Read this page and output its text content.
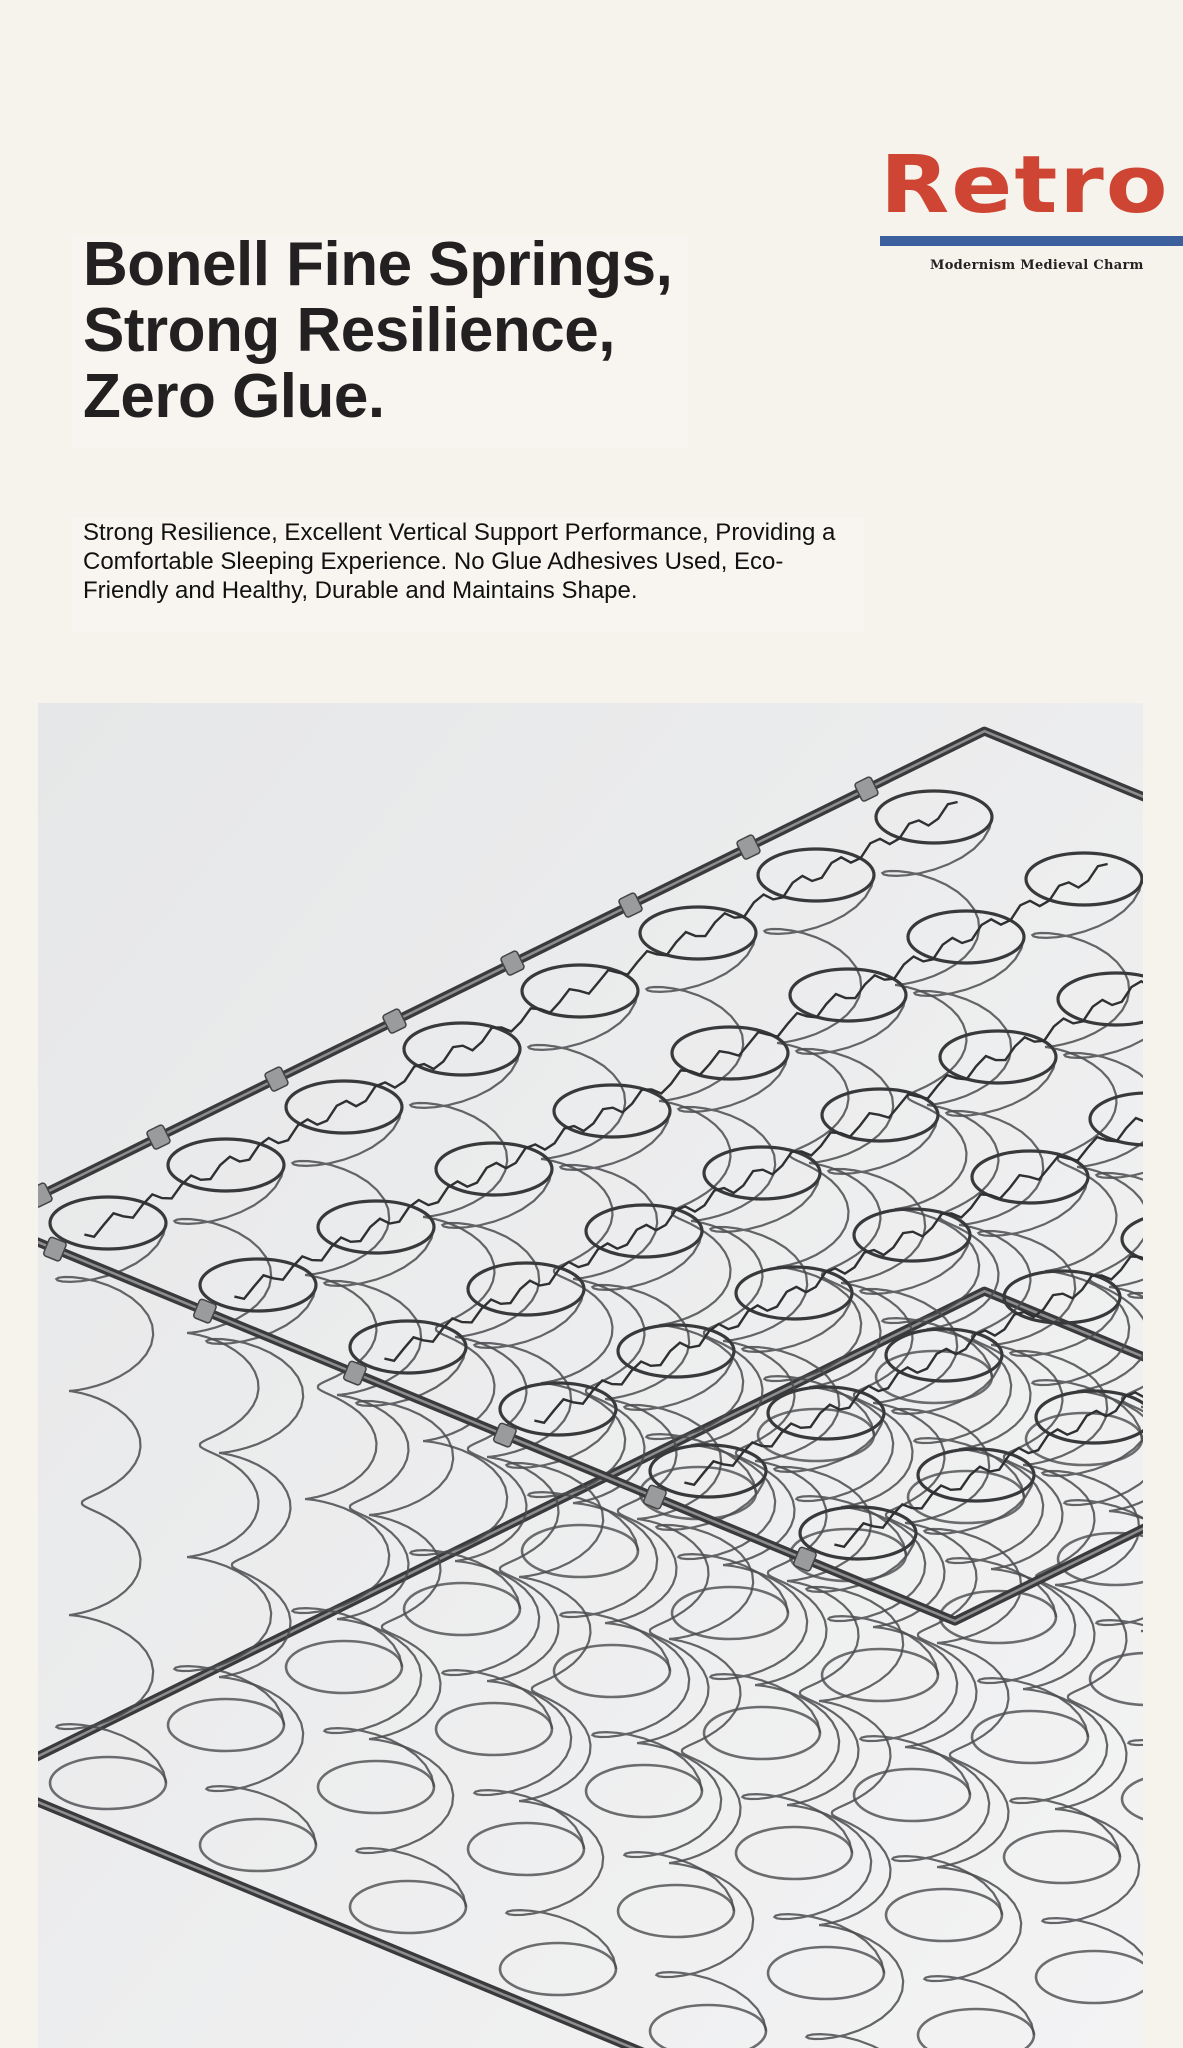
Retro
Modernism Medieval Charm
Bonell Fine Springs, Strong Resilience, Zero Glue.

Strong Resilience, Excellent Vertical Support Performance, Providing a Comfortable Sleeping Experience. No Glue Adhesives Used, Eco-Friendly and Healthy, Durable and Maintains Shape.
